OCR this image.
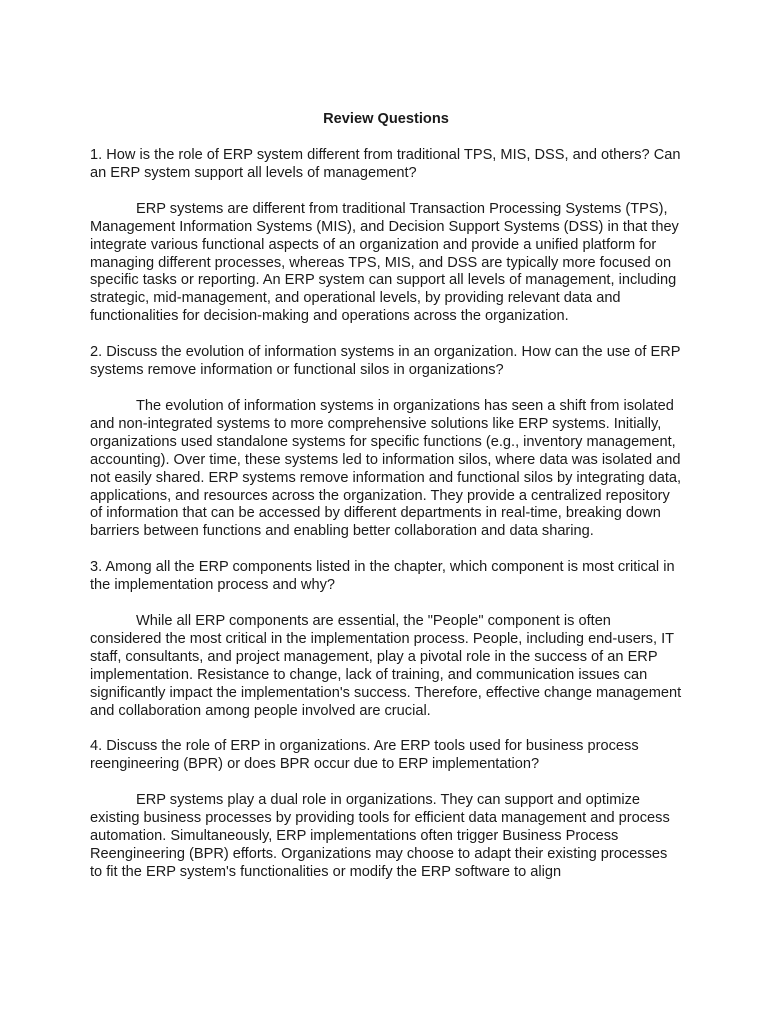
Review Questions

1. How is the role of ERP system different from traditional TPS, MIS, DSS, and others? Can an ERP system support all levels of management?

ERP systems are different from traditional Transaction Processing Systems (TPS), Management Information Systems (MIS), and Decision Support Systems (DSS) in that they integrate various functional aspects of an organization and provide a unified platform for managing different processes, whereas TPS, MIS, and DSS are typically more focused on specific tasks or reporting. An ERP system can support all levels of management, including strategic, mid-management, and operational levels, by providing relevant data and functionalities for decision-making and operations across the organization.

2. Discuss the evolution of information systems in an organization. How can the use of ERP systems remove information or functional silos in organizations?

The evolution of information systems in organizations has seen a shift from isolated and non-integrated systems to more comprehensive solutions like ERP systems. Initially, organizations used standalone systems for specific functions (e.g., inventory management, accounting). Over time, these systems led to information silos, where data was isolated and not easily shared. ERP systems remove information and functional silos by integrating data, applications, and resources across the organization. They provide a centralized repository of information that can be accessed by different departments in real-time, breaking down barriers between functions and enabling better collaboration and data sharing.

3. Among all the ERP components listed in the chapter, which component is most critical in the implementation process and why?

While all ERP components are essential, the "People" component is often considered the most critical in the implementation process. People, including end-users, IT staff, consultants, and project management, play a pivotal role in the success of an ERP implementation. Resistance to change, lack of training, and communication issues can significantly impact the implementation's success. Therefore, effective change management and collaboration among people involved are crucial.

4. Discuss the role of ERP in organizations. Are ERP tools used for business process reengineering (BPR) or does BPR occur due to ERP implementation?

ERP systems play a dual role in organizations. They can support and optimize existing business processes by providing tools for efficient data management and process automation. Simultaneously, ERP implementations often trigger Business Process Reengineering (BPR) efforts. Organizations may choose to adapt their existing processes to fit the ERP system's functionalities or modify the ERP software to align
